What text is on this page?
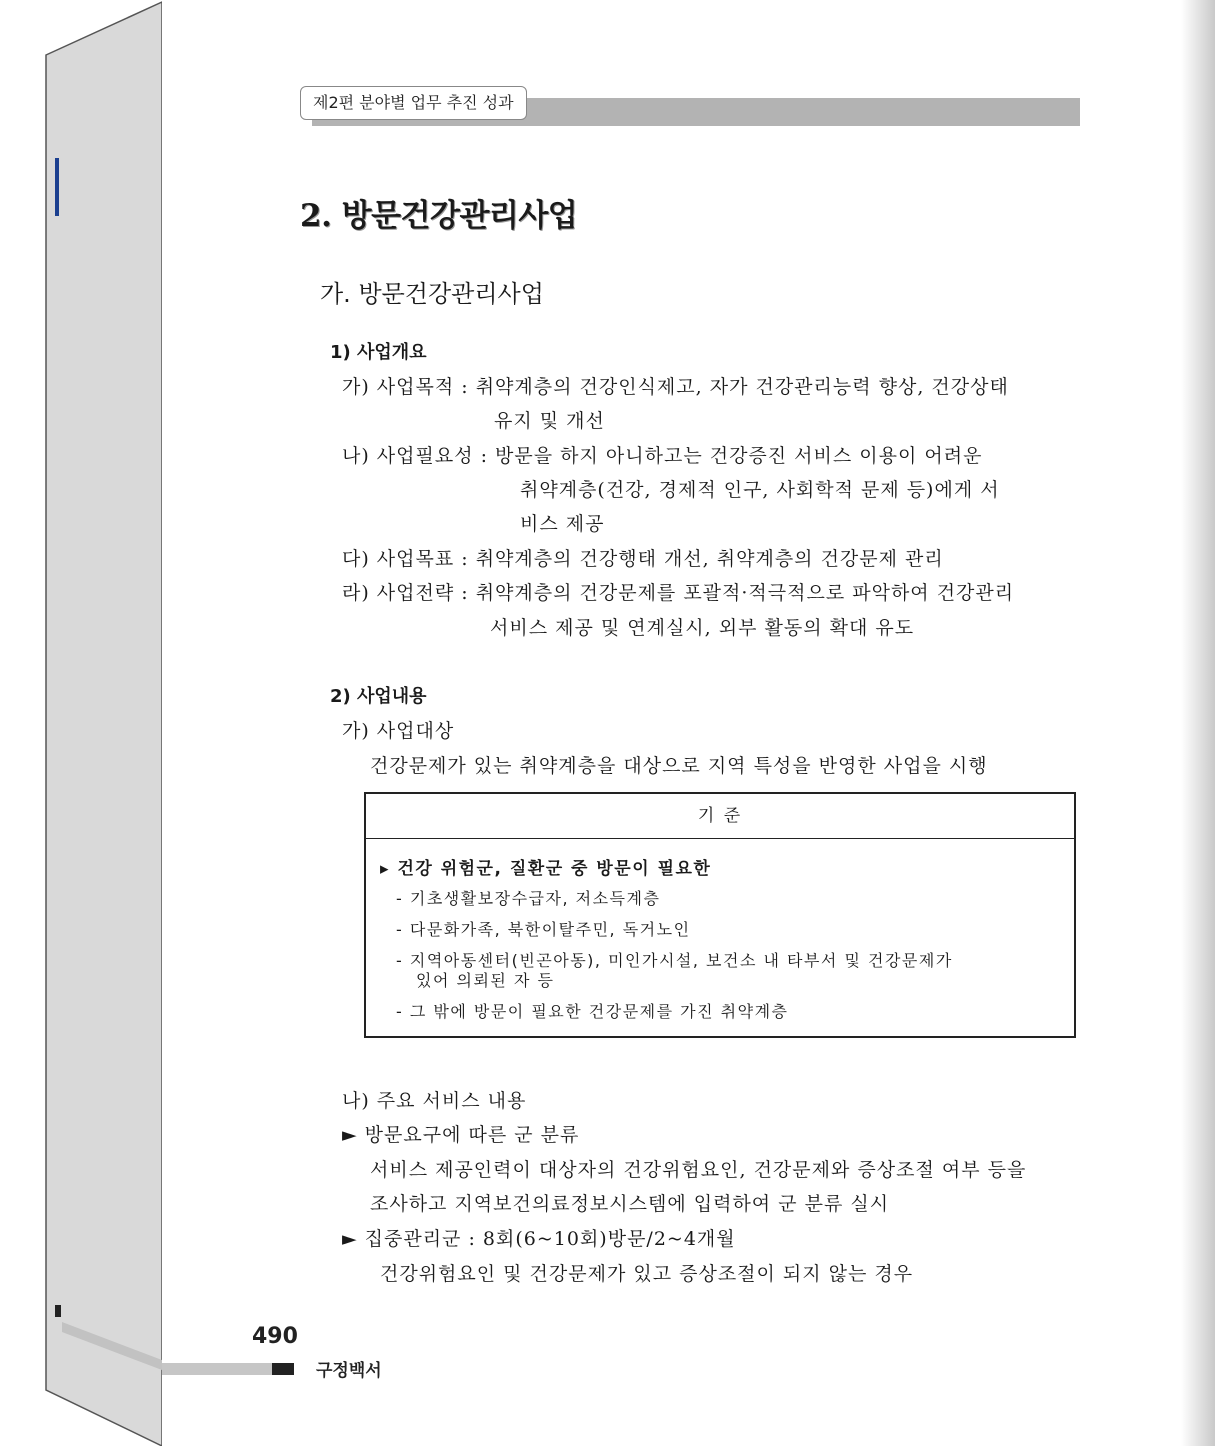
제2편 분야별 업무 추진 성과
2. 방문건강관리사업
가. 방문건강관리사업
1) 사업개요
가) 사업목적 : 취약계층의 건강인식제고, 자가 건강관리능력 향상, 건강상태
유지 및 개선
나) 사업필요성 : 방문을 하지 아니하고는 건강증진 서비스 이용이 어려운
취약계층(건강, 경제적 인구, 사회학적 문제 등)에게 서
비스 제공
다) 사업목표 : 취약계층의 건강행태 개선, 취약계층의 건강문제 관리
라) 사업전략 : 취약계층의 건강문제를 포괄적·적극적으로 파악하여 건강관리
서비스 제공 및 연계실시, 외부 활동의 확대 유도
2) 사업내용
가) 사업대상
건강문제가 있는 취약계층을 대상으로 지역 특성을 반영한 사업을 시행
기 준
▸ 건강 위험군, 질환군 중 방문이 필요한
- 기초생활보장수급자, 저소득계층
- 다문화가족, 북한이탈주민, 독거노인
- 지역아동센터(빈곤아동), 미인가시설, 보건소 내 타부서 및 건강문제가
있어 의뢰된 자 등
- 그 밖에 방문이 필요한 건강문제를 가진 취약계층
나) 주요 서비스 내용
► 방문요구에 따른 군 분류
서비스 제공인력이 대상자의 건강위험요인, 건강문제와 증상조절 여부 등을
조사하고 지역보건의료정보시스템에 입력하여 군 분류 실시
► 집중관리군 : 8회(6~10회)방문/2~4개월
건강위험요인 및 건강문제가 있고 증상조절이 되지 않는 경우
490
구정백서
